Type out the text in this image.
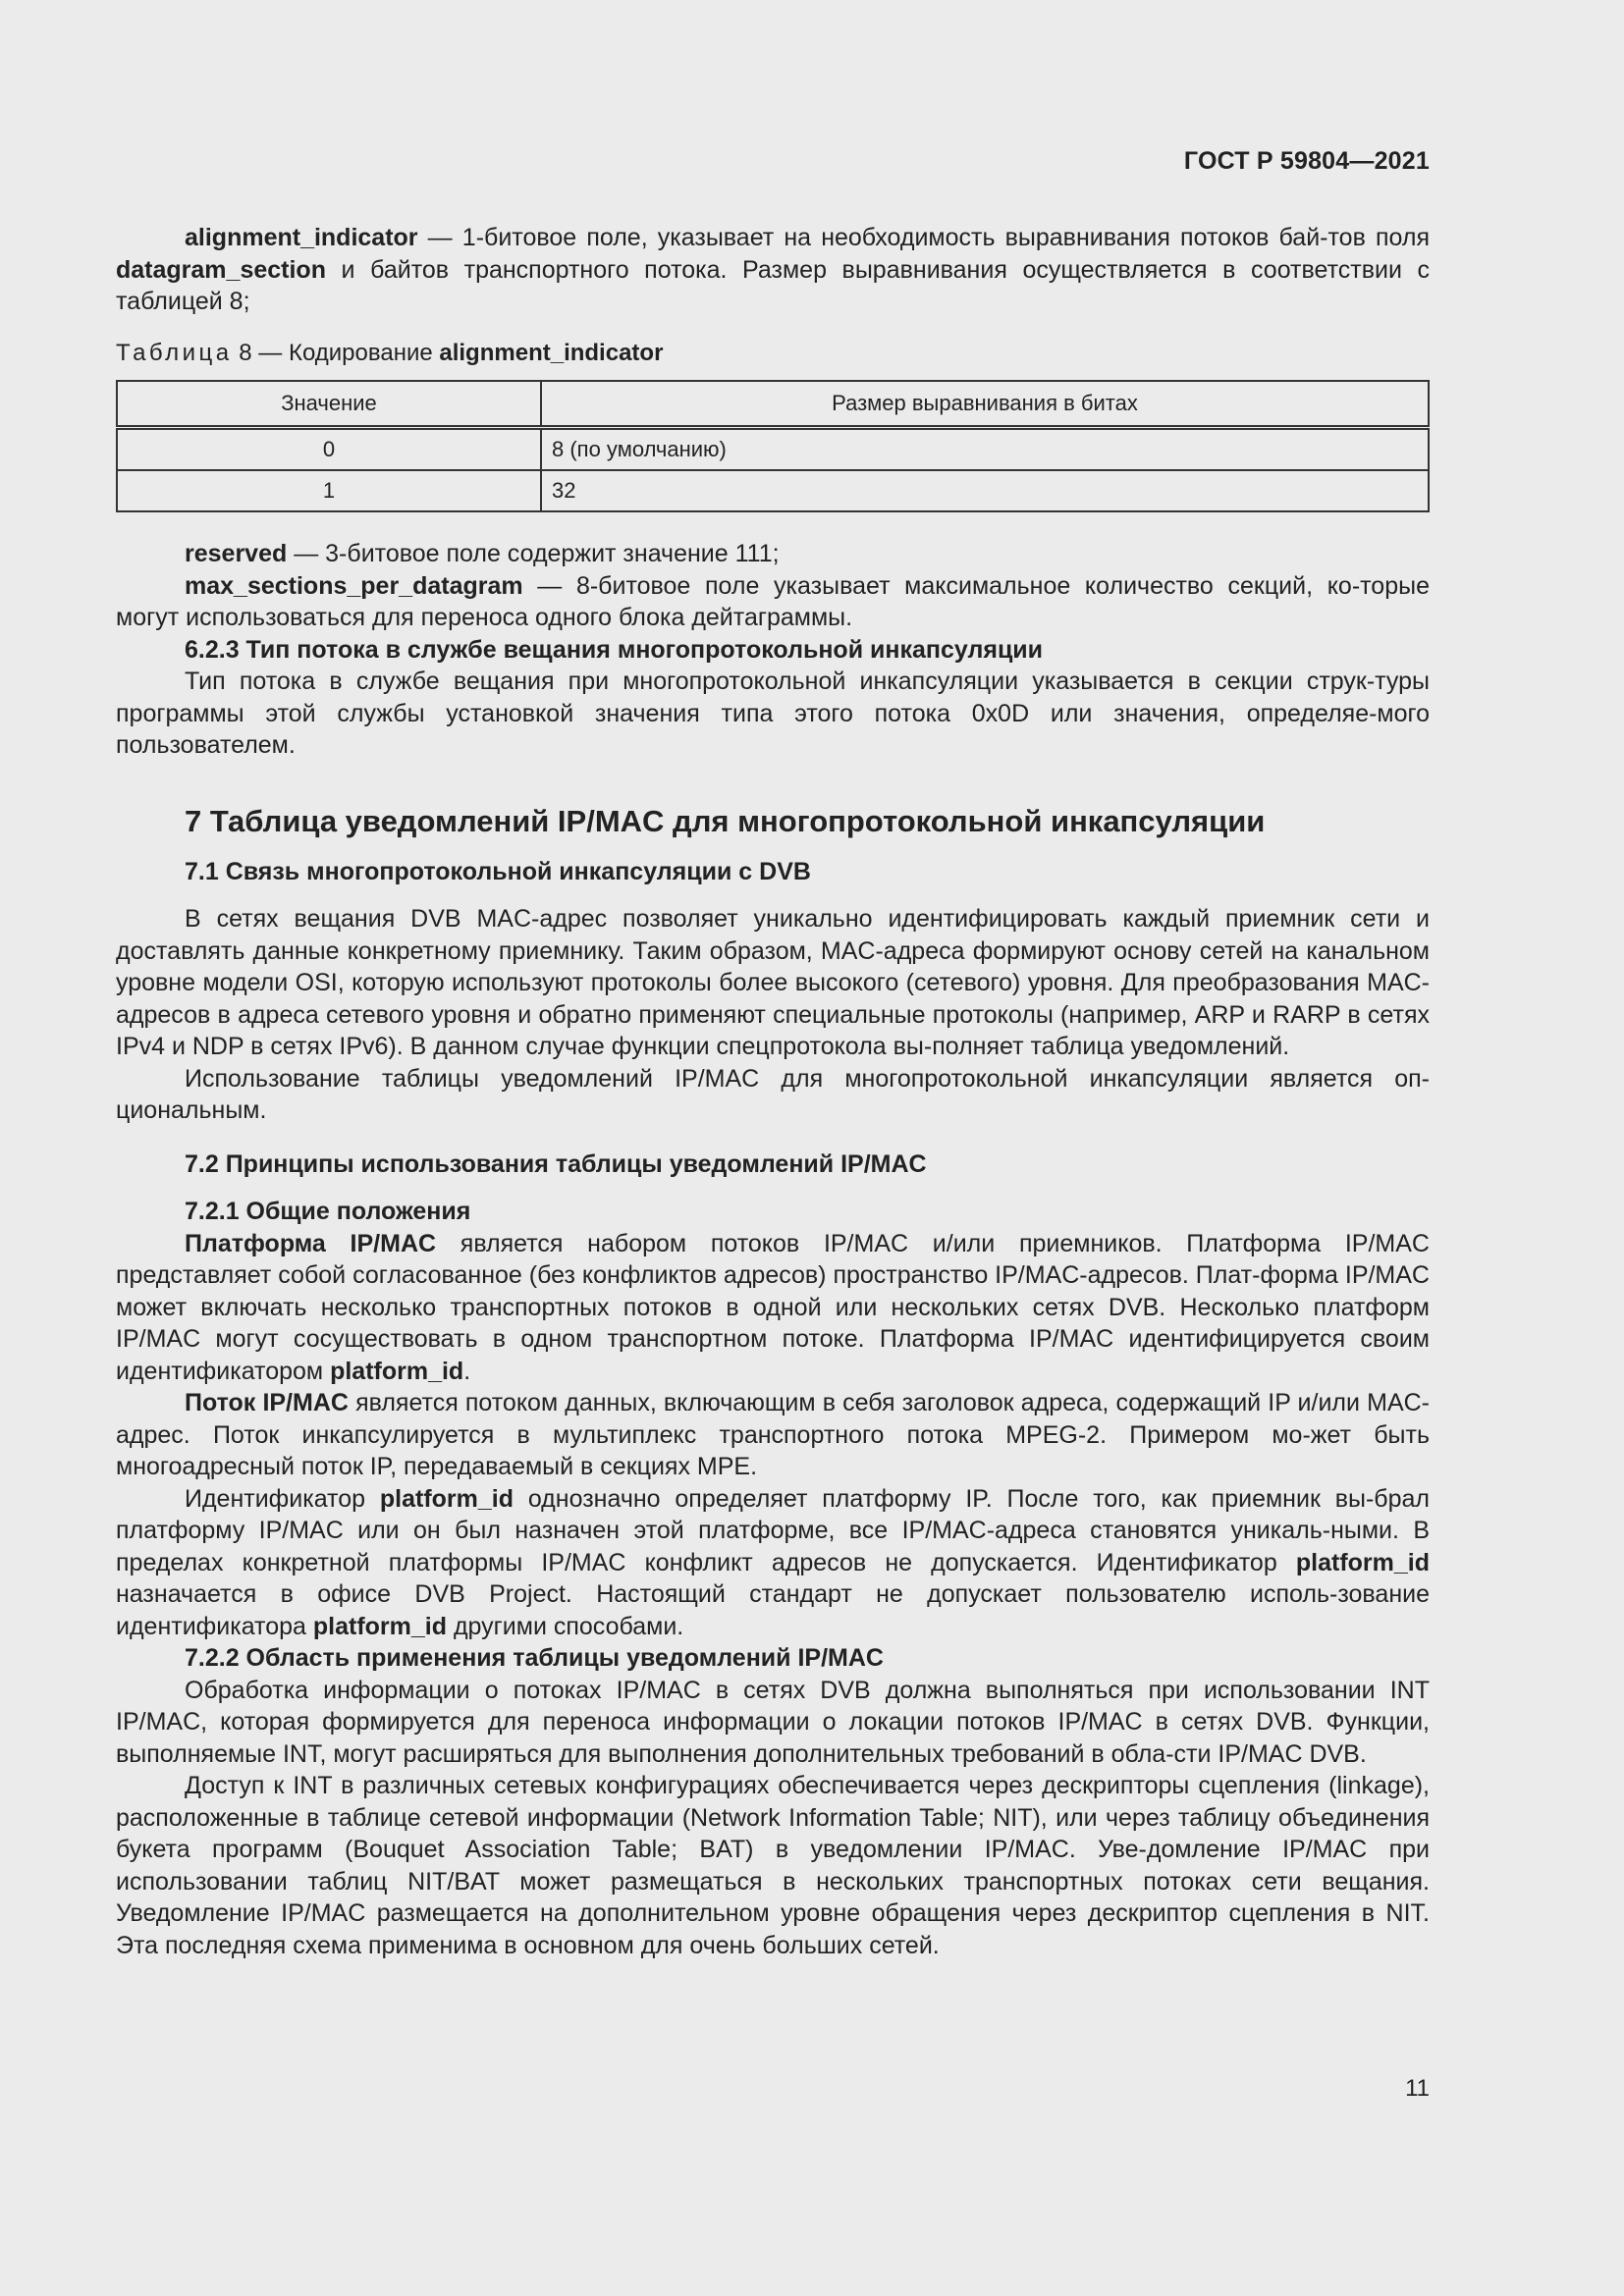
ГОСТ Р 59804—2021

alignment_indicator — 1-битовое поле, указывает на необходимость выравнивания потоков бай-тов поля datagram_section и байтов транспортного потока. Размер выравнивания осуществляется в соответствии с таблицей 8;

Таблица 8 — Кодирование alignment_indicator
Значение	Размер выравнивания в битах
0	8 (по умолчанию)
1	32

reserved — 3-битовое поле содержит значение 111;

max_sections_per_datagram — 8-битовое поле указывает максимальное количество секций, ко-торые могут использоваться для переноса одного блока дейтаграммы.

6.2.3 Тип потока в службе вещания многопротокольной инкапсуляции

Тип потока в службе вещания при многопротокольной инкапсуляции указывается в секции струк-туры программы этой службы установкой значения типа этого потока 0x0D или значения, определяе-мого пользователем.

7 Таблица уведомлений IP/MAC для многопротокольной инкапсуляции
7.1 Связь многопротокольной инкапсуляции с DVB

В сетях вещания DVB MAC-адрес позволяет уникально идентифицировать каждый приемник сети и доставлять данные конкретному приемнику. Таким образом, MAC-адреса формируют основу сетей на канальном уровне модели OSI, которую используют протоколы более высокого (сетевого) уровня. Для преобразования MAC-адресов в адреса сетевого уровня и обратно применяют специальные протоколы (например, ARP и RARP в сетях IPv4 и NDP в сетях IPv6). В данном случае функции спецпротокола вы-полняет таблица уведомлений.

Использование таблицы уведомлений IP/MAC для многопротокольной инкапсуляции является оп-циональным.

7.2 Принципы использования таблицы уведомлений IP/MAC
7.2.1 Общие положения

Платформа IP/MAC является набором потоков IP/MAC и/или приемников. Платформа IP/MAC представляет собой согласованное (без конфликтов адресов) пространство IP/MAC-адресов. Плат-форма IP/MAC может включать несколько транспортных потоков в одной или нескольких сетях DVB. Несколько платформ IP/MAC могут сосуществовать в одном транспортном потоке. Платформа IP/MAC идентифицируется своим идентификатором platform_id.

Поток IP/MAC является потоком данных, включающим в себя заголовок адреса, содержащий IP и/или MAC-адрес. Поток инкапсулируется в мультиплекс транспортного потока MPEG-2. Примером мо-жет быть многоадресный поток IP, передаваемый в секциях MPE.

Идентификатор platform_id однозначно определяет платформу IP. После того, как приемник вы-брал платформу IP/MAC или он был назначен этой платформе, все IP/MAC-адреса становятся уникаль-ными. В пределах конкретной платформы IP/MAC конфликт адресов не допускается. Идентификатор platform_id назначается в офисе DVB Project. Настоящий стандарт не допускает пользователю исполь-зование идентификатора platform_id другими способами.

7.2.2 Область применения таблицы уведомлений IP/MAC

Обработка информации о потоках IP/MAC в сетях DVB должна выполняться при использовании INT IP/MAC, которая формируется для переноса информации о локации потоков IP/MAC в сетях DVB. Функции, выполняемые INT, могут расширяться для выполнения дополнительных требований в обла-сти IP/MAC DVB.

Доступ к INT в различных сетевых конфигурациях обеспечивается через дескрипторы сцепления (linkage), расположенные в таблице сетевой информации (Network Information Table; NIT), или через таблицу объединения букета программ (Bouquet Association Table; BAT) в уведомлении IP/MAC. Уве-домление IP/MAC при использовании таблиц NIT/BAT может размещаться в нескольких транспортных потоках сети вещания. Уведомление IP/MAC размещается на дополнительном уровне обращения через дескриптор сцепления в NIT. Эта последняя схема применима в основном для очень больших сетей.

11
